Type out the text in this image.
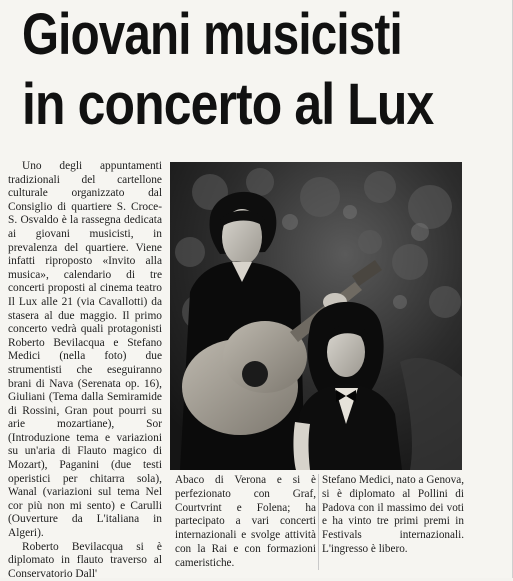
Giovani musicisti
in concerto al Lux

Uno degli appuntamenti tradizionali del cartellone culturale organizzato dal Consiglio di quartiere S. Croce-S. Osvaldo è la rassegna dedicata ai giovani musicisti, in prevalenza del quartiere. Viene infatti riproposto «Invito alla musica», calendario di tre concerti proposti al cinema teatro Il Lux alle 21 (via Cavallotti) da stasera al due maggio. Il primo concerto vedrà quali protagonisti Roberto Bevilacqua e Stefano Medici (nella foto) due strumentisti che eseguiranno brani di Nava (Serenata op. 16), Giuliani (Tema dalla Semiramide di Rossini, Gran pout pourri su arie mozartiane), Sor (Introduzione tema e variazioni su un'aria di Flauto magico di Mozart), Paganini (due testi operistici per chitarra sola), Wanal (variazioni sul tema Nel cor più non mi sento) e Carulli (Ouverture da L'italiana in Algeri).

Roberto Bevilacqua si è diplomato in flauto traverso al Conservatorio Dall'

Abaco di Verona e si è perfezionato con Graf, Courtvrint e Folena; ha partecipato a vari concerti internazionali e svolge attività con la Rai e con formazioni cameristiche.

Stefano Medici, nato a Genova, si è diplomato al Pollini di Padova con il massimo dei voti e ha vinto tre primi premi in Festivals internazionali. L'ingresso è libero.
